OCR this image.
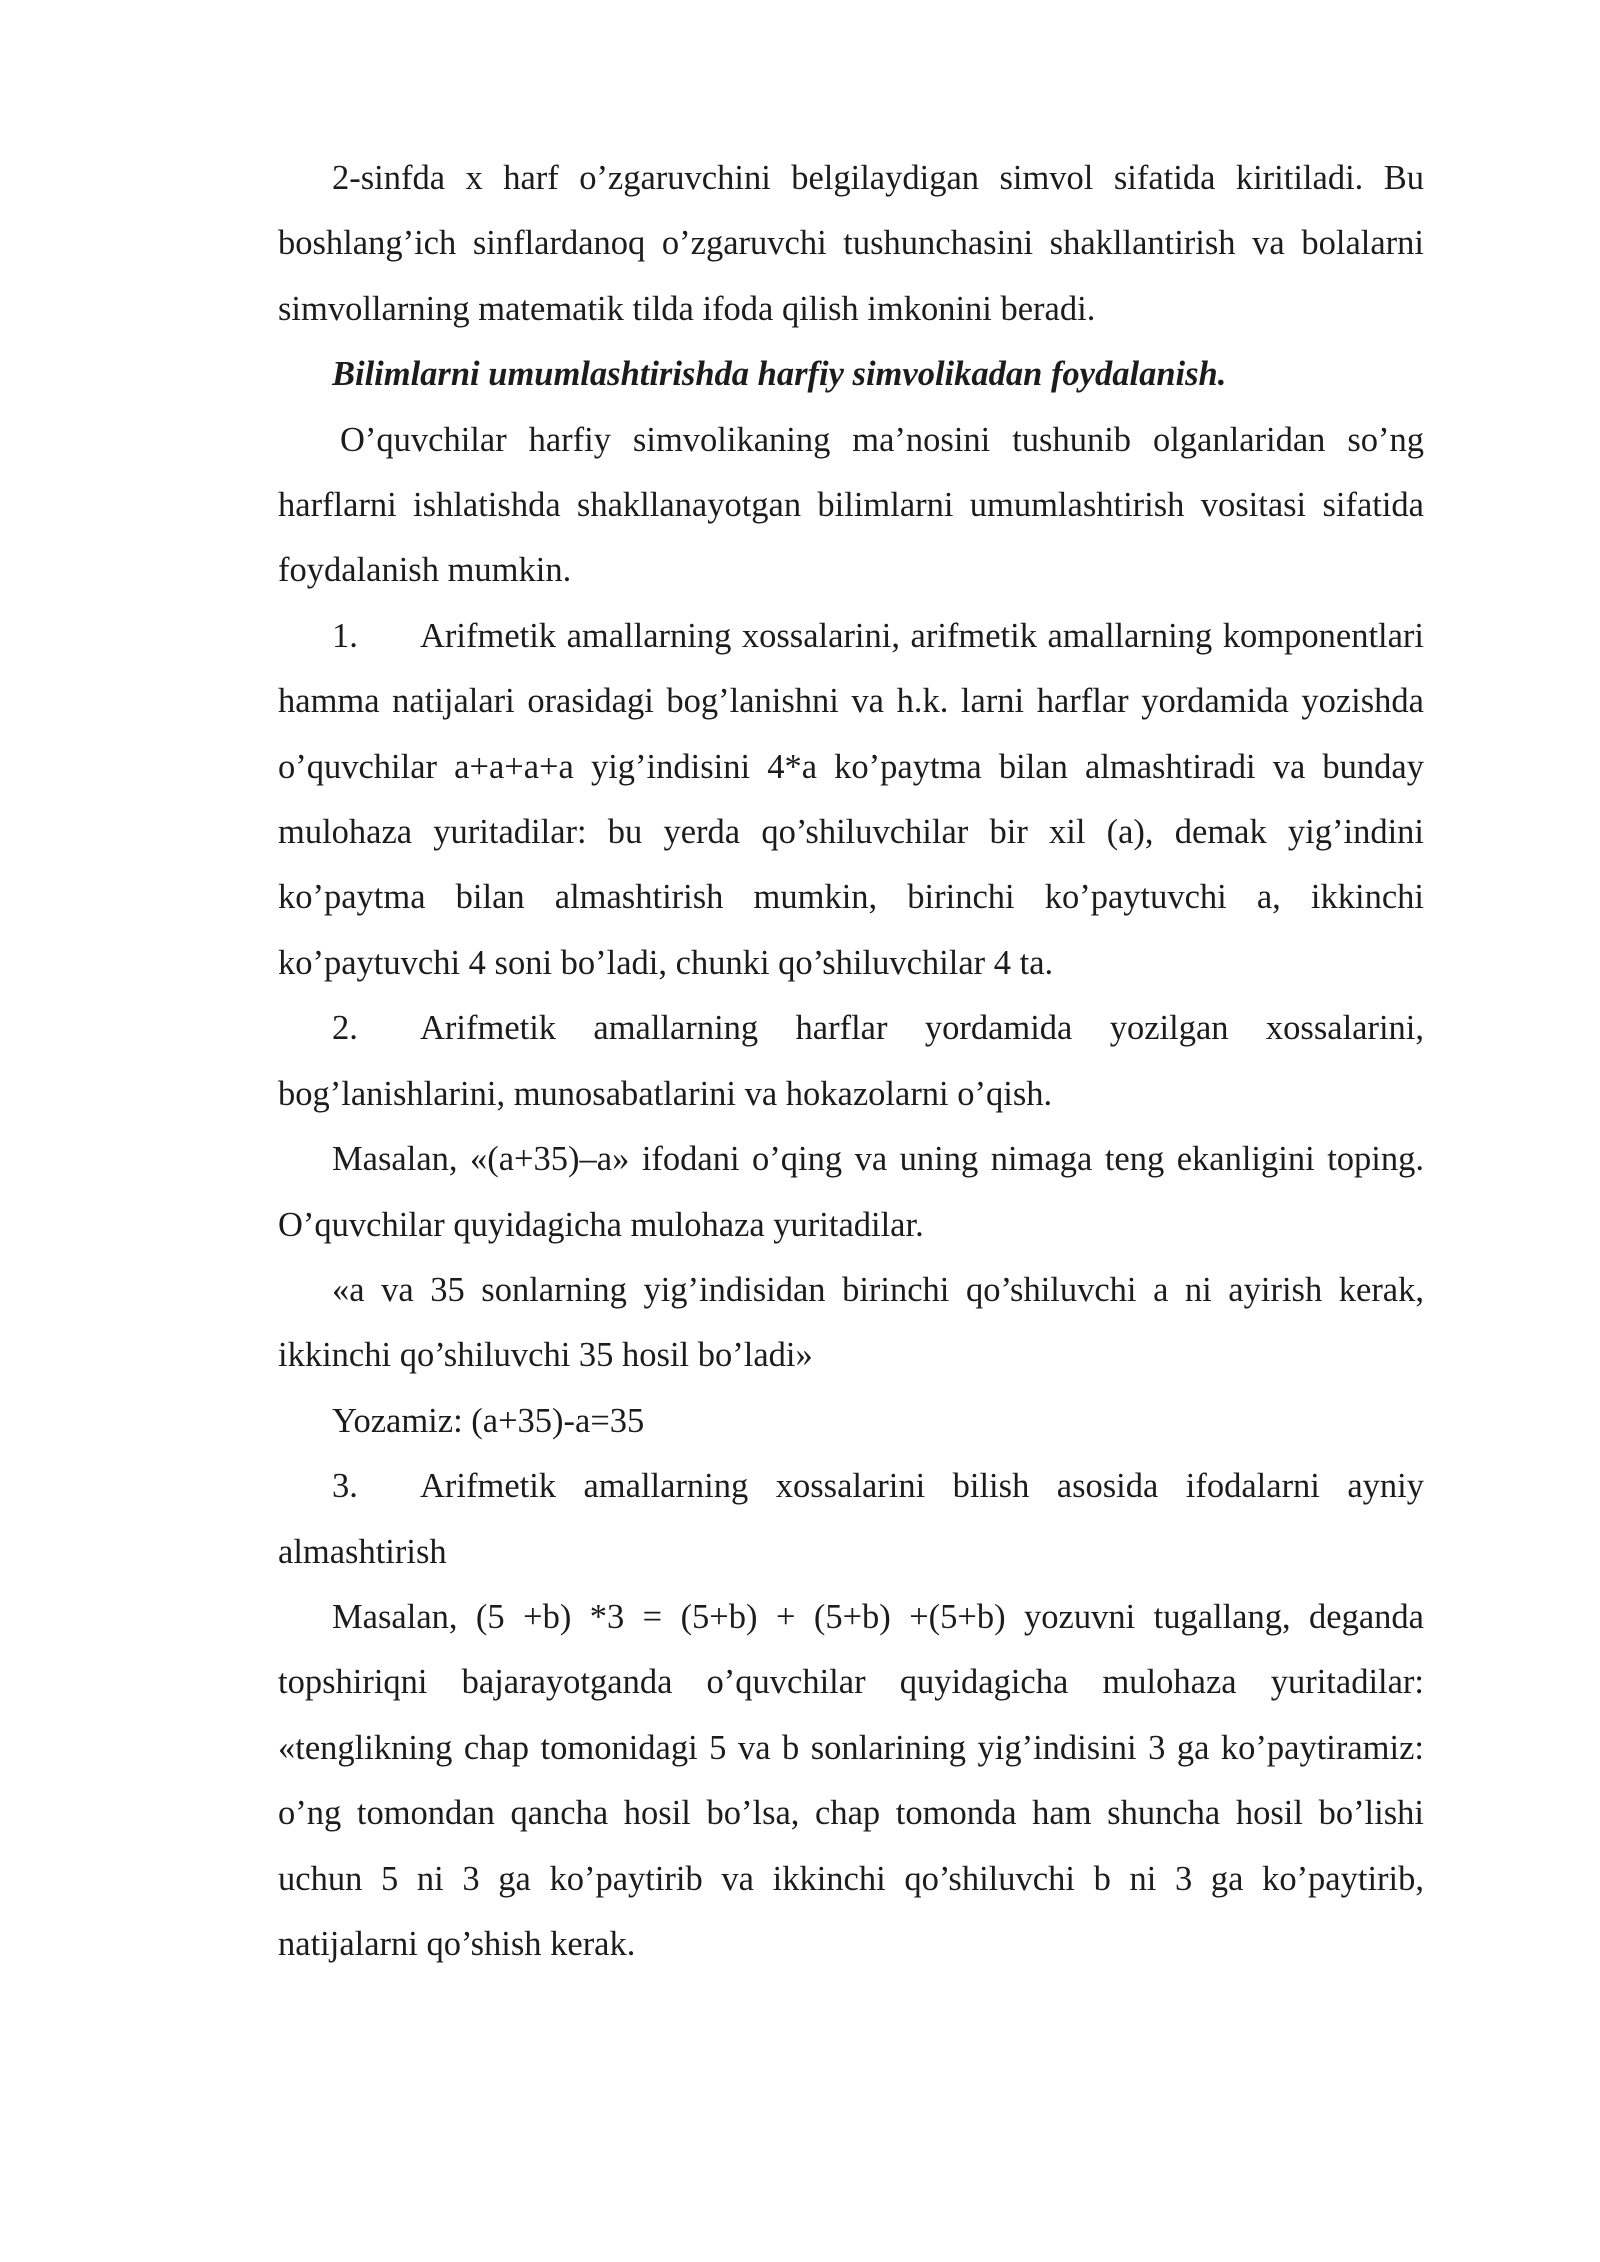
2-sinfda x harf o’zgaruvchini belgilaydigan simvol sifatida kiritiladi. Bu boshlang’ich sinflardanoq o’zgaruvchi tushunchasini shakllantirish va bolalarni simvollarning matematik tilda ifoda qilish imkonini beradi.

Bilimlarni umumlashtirishda harfiy simvolikadan foydalanish.

O’quvchilar harfiy simvolikaning ma’nosini tushunib olganlaridan so’ng harflarni ishlatishda shakllanayotgan bilimlarni umumlashtirish vositasi sifatida foydalanish mumkin.

1. Arifmetik amallarning xossalarini, arifmetik amallarning komponentlari hamma natijalari orasidagi bog’lanishni va h.k. larni harflar yordamida yozishda o’quvchilar a+a+a+a yig’indisini 4*a ko’paytma bilan almashtiradi va bunday mulohaza yuritadilar: bu yerda qo’shiluvchilar bir xil (a), demak yig’indini ko’paytma bilan almashtirish mumkin, birinchi ko’paytuvchi a, ikkinchi ko’paytuvchi 4 soni bo’ladi, chunki qo’shiluvchilar 4 ta.

2. Arifmetik amallarning harflar yordamida yozilgan xossalarini, bog’lanishlarini, munosabatlarini va hokazolarni o’qish.

Masalan, «(a+35)–a» ifodani o’qing va uning nimaga teng ekanligini toping. O’quvchilar quyidagicha mulohaza yuritadilar.

«a va 35 sonlarning yig’indisidan birinchi qo’shiluvchi a ni ayirish kerak, ikkinchi qo’shiluvchi 35 hosil bo’ladi»

Yozamiz: (a+35)-a=35

3. Arifmetik amallarning xossalarini bilish asosida ifodalarni ayniy almashtirish

Masalan, (5 +b) *3 = (5+b) + (5+b) +(5+b) yozuvni tugallang, deganda topshiriqni bajarayotganda o’quvchilar quyidagicha mulohaza yuritadilar: «tenglikning chap tomonidagi 5 va b sonlarining yig’indisini 3 ga ko’paytiramiz: o’ng tomondan qancha hosil bo’lsa, chap tomonda ham shuncha hosil bo’lishi uchun 5 ni 3 ga ko’paytirib va ikkinchi qo’shiluvchi b ni 3 ga ko’paytirib, natijalarni qo’shish kerak.
